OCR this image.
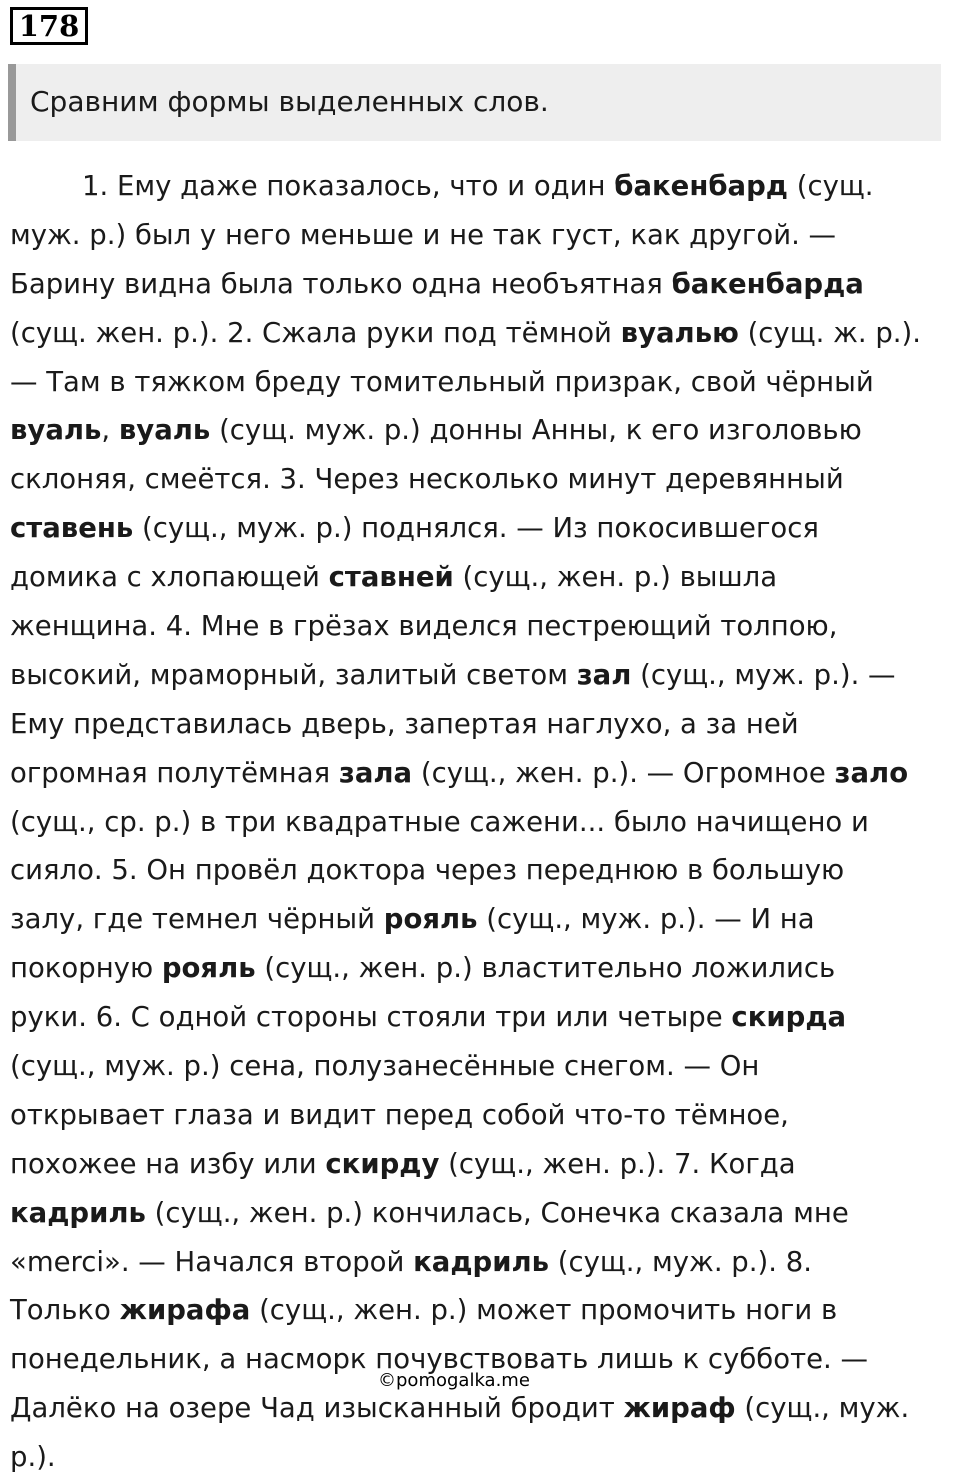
178
Сравним формы выделенных слов.
1. Ему даже показалось, что и один бакенбард (сущ.
муж. р.) был у него меньше и не так густ, как другой. —
Барину видна была только одна необъятная бакенбарда
(сущ. жен. р.). 2. Сжала руки под тёмной вуалью (сущ. ж. р.).
— Там в тяжком бреду томительный призрак, свой чёрный
вуаль, вуаль (сущ. муж. р.) донны Анны, к его изголовью
склоняя, смеётся. 3. Через несколько минут деревянный
ставень (сущ., муж. р.) поднялся. — Из покосившегося
домика с хлопающей ставней (сущ., жен. р.) вышла
женщина. 4. Мне в грёзах виделся пестреющий толпою,
высокий, мраморный, залитый светом зал (сущ., муж. р.). —
Ему представилась дверь, запертая наглухо, а за ней
огромная полутёмная зала (сущ., жен. р.). — Огромное зало
(сущ., ср. р.) в три квадратные сажени... было начищено и
сияло. 5. Он провёл доктора через переднюю в большую
залу, где темнел чёрный рояль (сущ., муж. р.). — И на
покорную рояль (сущ., жен. р.) властительно ложились
руки. 6. С одной стороны стояли три или четыре скирда
(сущ., муж. р.) сена, полузанесённые снегом. — Он
открывает глаза и видит перед собой что-то тёмное,
похожее на избу или скирду (сущ., жен. р.). 7. Когда
кадриль (сущ., жен. р.) кончилась, Сонечка сказала мне
«merci». — Начался второй кадриль (сущ., муж. р.). 8.
Только жирафа (сущ., жен. р.) может промочить ноги в
понедельник, а насморк почувствовать лишь к субботе. —
Далёко на озере Чад изысканный бродит жираф (сущ., муж.
р.).
©pomogalka.me
